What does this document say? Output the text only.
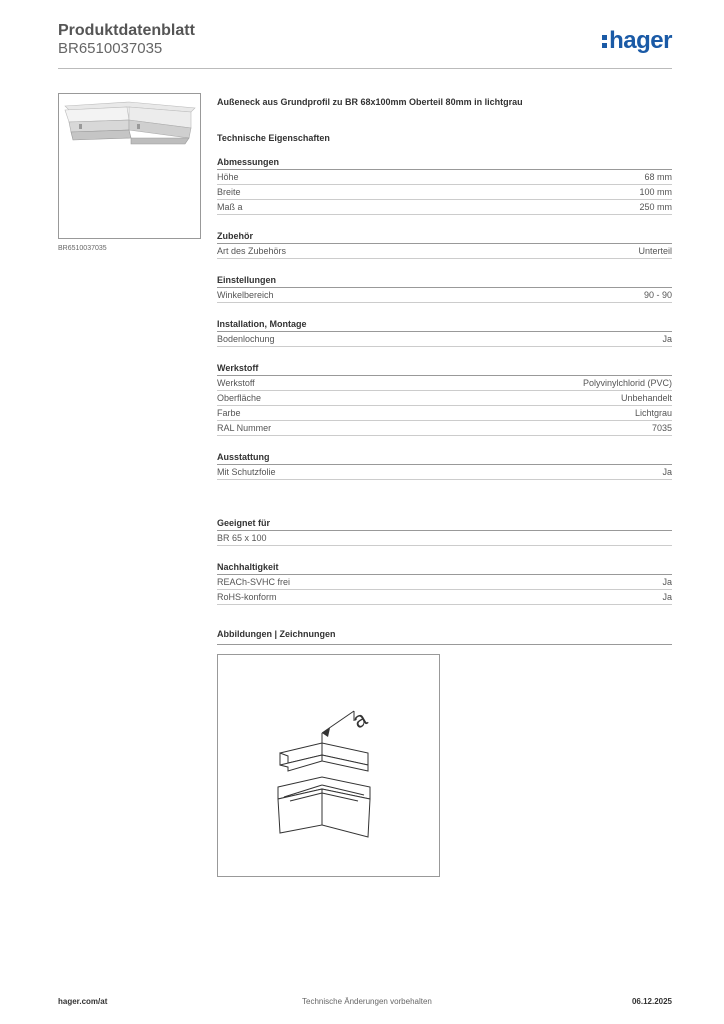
Produktdatenblatt
BR6510037035	hager
BR6510037035
Außeneck aus Grundprofil zu BR 68x100mm Oberteil 80mm in lichtgrau
Technische Eigenschaften
Abmessungen
Höhe	68 mm
Breite	100 mm
Maß a	250 mm
Zubehör
Art des Zubehörs	Unterteil
Einstellungen
Winkelbereich	90 - 90
Installation, Montage
Bodenlochung	Ja
Werkstoff
Werkstoff	Polyvinylchlorid (PVC)
Oberfläche	Unbehandelt
Farbe	Lichtgrau
RAL Nummer	7035
Ausstattung
Mit Schutzfolie	Ja
Geeignet für
BR 65 x 100
Nachhaltigkeit
REACh-SVHC frei	Ja
RoHS-konform	Ja
Abbildungen | Zeichnungen
a
hager.com/at	Technische Änderungen vorbehalten	06.12.2025
